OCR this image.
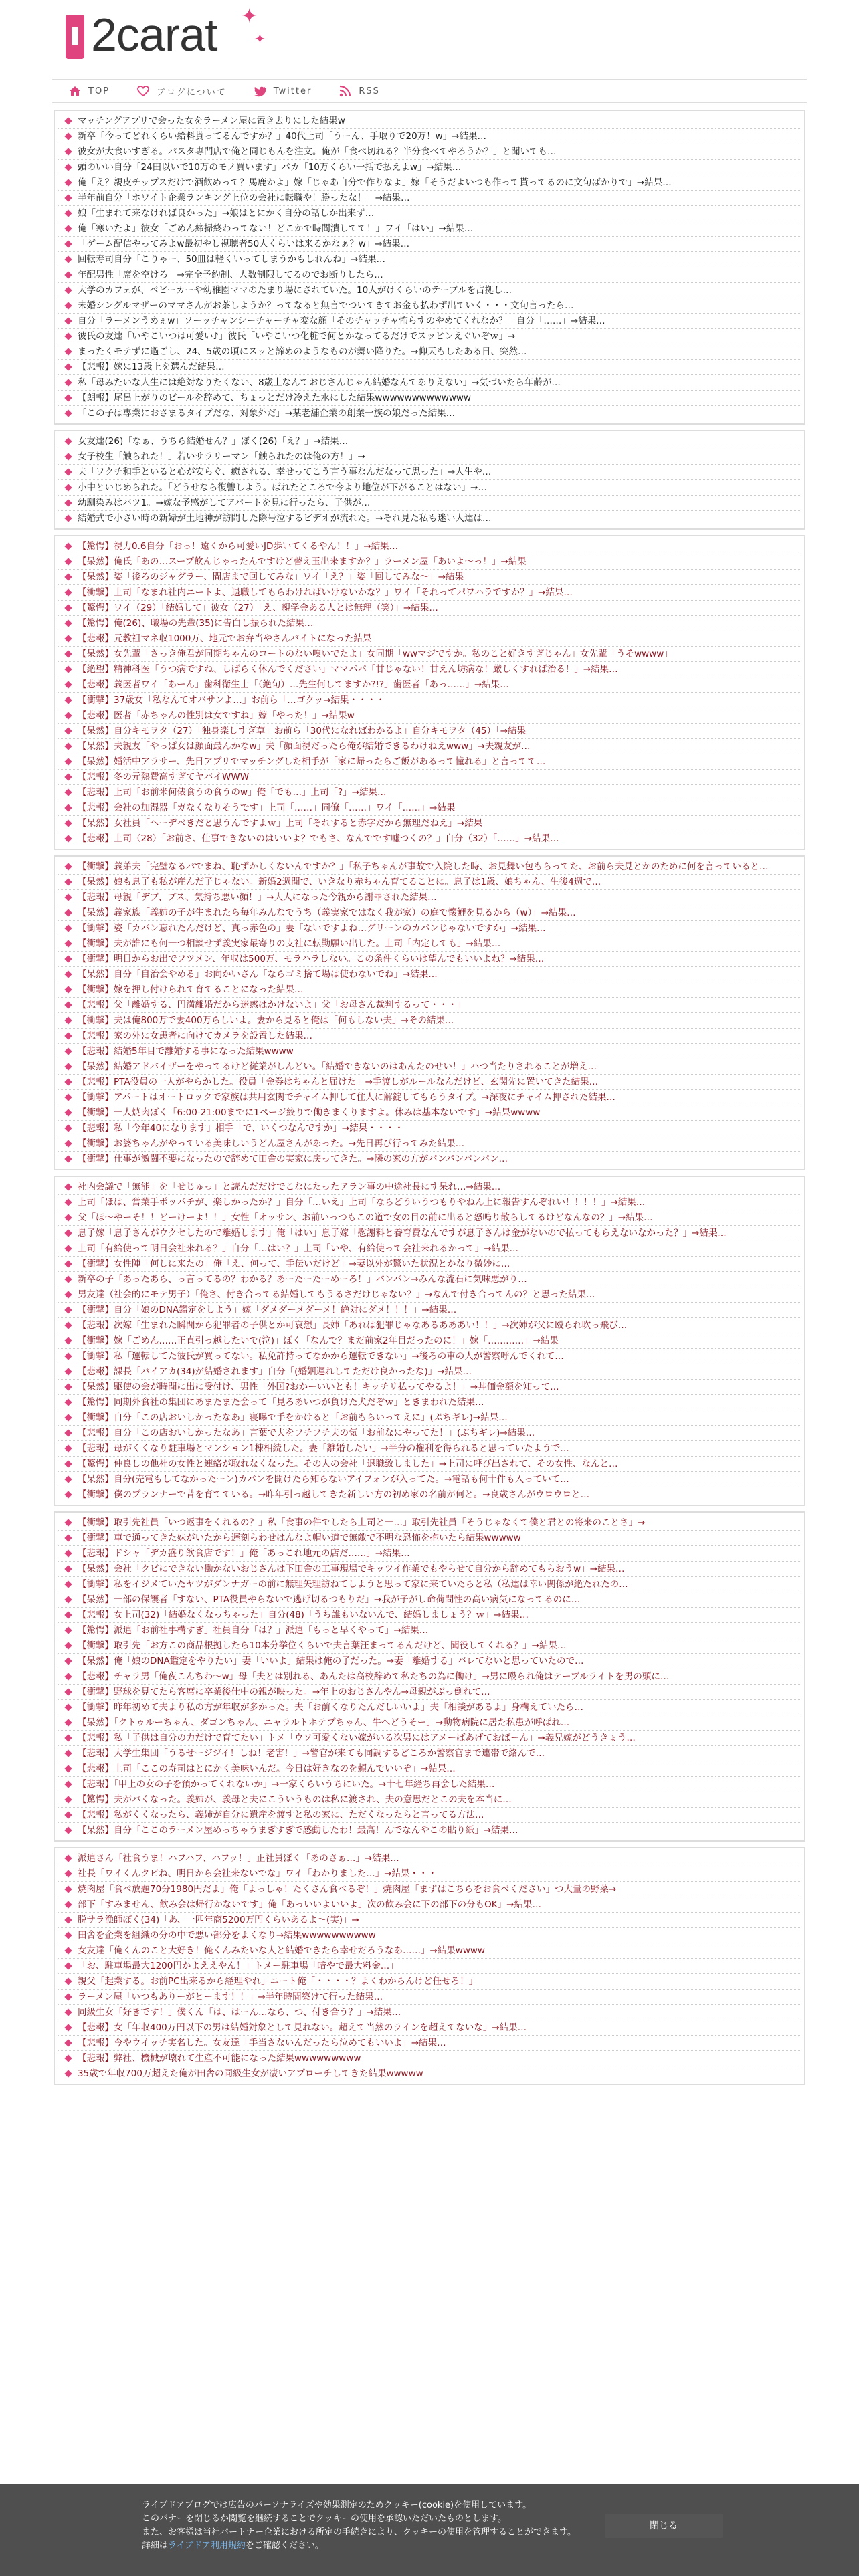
2carat ✦
✦
TOP	ブログについて	Twitter	RSS
マッチングアプリで会った女をラーメン屋に置き去りにした結果w
新卒「今ってどれくらい給料貰ってるんですか？」40代上司「うーん、手取りで20万！w」→結果…
彼女が大食いすぎる。パスタ専門店で俺と同じもんを注文。俺が「食べ切れる？半分食べてやろうか？」と聞いても…
頭のいい自分「24田以いで10万のモノ買います」バカ「10万くらい一括で払えよw」→結果…
俺「え？親皮チップスだけで酒飲めって？馬鹿かよ」嫁「じゃあ自分で作りなよ」嫁「そうだよいつも作って貰ってるのに文句ばかりで」→結果…
半年前自分「ホワイト企業ランキング上位の会社に転職や！勝ったな！」→結果…
娘「生まれて来なければ良かった」→娘はとにかく自分の話しか出来ず…
俺「寒いたよ」彼女「ごめん締掃終わってない！どこかで時間潰してて！」ワイ「はい」→結果…
「ゲーム配信やってみよw最初やし視聴者50人くらいは来るかなぁ？w」→結果…
回転寿司自分「こりゃー、50皿は軽くいってしまうかもしれんね」→結果…
年配男性「席を空けろ」→完全予約制、人数制限してるのでお断りしたら…
大学のカフェが、ベビーカーや幼稚園ママのたまり場にされていた。10人がけくらいのテーブルを占拠し…
未婚シングルマザーのママさんがお茶しようか？ってなると無言でついてきてお金も払わず出ていく・・・文句言ったら…
自分「ラーメンうめぇw」ソーッチャンシーチャーチャ変な顔「そのチャッチャ怖らすのやめてくれなか？」自分「……」→結果…
彼氏の友達「いやこいつは可愛い♪」彼氏「いやこいつ化粧で何とかなってるだけでスッピンえぐいぞｗ」→
まったくモテずに過ごし、24、5歳の頃にスッと諦めのようなものが舞い降りた。→仰天もしたある日、突然…
【悲報】嫁に13歳上を選んだ結果…
私「母みたいな人生には絶対なりたくない、8歳上なんておじさんじゃん結婚なんてありえない」→気づいたら年齢が…
【朗報】尾呂上がりのビールを辞めて、ちょっとだけ冷えた水にした結果wwwwwwwwwwwww
「この子は専業におさまるタイプだな、対象外だ」→某老舗企業の創業一族の娘だった結果…
女友達(26)「なぁ、うちら結婚せん？」ぼく(26)「え？」→結果…
女子校生「触られた！」若いサラリーマン「触られたのは俺の方！」→
夫「ワクチ和手といると心が安らぐ、癒される、幸せってこう言う事なんだなって思った」→人生や…
小中といじめられた。「どうせなら復讐しよう。ばれたところで今より地位が下がることはない」→…
幼馴染みはバツ1。→嫁な予感がしてアパートを見に行ったら、子供が…
結婚式で小さい時の新婦が土地神が訪問した際号泣するビデオが流れた。→それ見た私も迷い人達は…
【驚愕】視力0.6自分「おっ！遠くから可愛いJD歩いてくるやん！！」→結果…
【呆然】俺氏「あの…スープ飲んじゃったんですけど替え玉出来ますか？」ラーメン屋「あいよ〜っ！」→結果
【呆然】姿「後ろのジャグラー、間店まで回してみな」ワイ「え？」姿「回してみな〜」→結果
【衝撃】上司「なまれ社内ニートよ、退職してもらわければいけないかな？」ワイ「それってパワハラですか？」→結果…
【驚愕】ワイ（29）「結婚して」彼女（27）「え、親学金ある人とは無理（笑）」→結果…
【驚愕】俺(26)、職場の先輩(35)に告白し振られた結果…
【悲報】元教祖マネ収1000万、地元でお弁当やさんバイトになった結果
【呆然】女先輩「さっき俺君が同期ちゃんのコートのない嗅いでたよ」女同期「wwマジですか。私のこと好きすぎじゃん」女先輩「うそwwww」
【絶望】精神科医「うつ病ですね、しばらく休んでください」ママパパ「甘じゃない！甘えん坊病な！厳しくすれば治る！」→結果…
【悲報】義医者ワイ「あーん」歯科衛生士「（絶句）…先生何してますか?!?」歯医者「あっ……」→結果…
【衝撃】37歳女「私なんてオバサンよ…」お前ら「…ゴクッ→結果・・・・
【悲報】医者「赤ちゃんの性別は女ですね」嫁「やった！」→結果w
【呆然】自分キモヲタ（27）「独身楽しすぎ草」お前ら「30代になればわかるよ」自分キモヲタ（45）「→結果
【呆然】夫親友「やっぱ女は顔面最んかなw」夫「顔面視だったら俺が結婚できるわけねえwww」→夫親友が…
【呆然】婚活中アラサー、先日アプリでマッチングした相手が「家に帰ったらご飯があるって憧れる」と言ってて…
【悲報】冬の元熱費高すぎてヤバイWWW
【悲報】上司「お前米何俵食うの食うのw」俺「でも…」上司「?」→結果…
【悲報】会社の加湿器「ガなくなりそうです」上司「……」同僚「……」ワイ「……」→結果
【呆然】女社員「ヘーデべきだと思うんですよｗ」上司「それすると赤字だから無理だねえ」→結果
【悲報】上司（28）「お前さ、仕事できないのはいいよ？でもさ、なんでです嘘つくの？」自分（32）「……」→結果…
【衝撃】義弟夫「完璧なるパでまね、恥ずかしくないんですか？」「私子ちゃんが事故で入院した時、お見舞い包もらってた、お前ら夫見とかのために何を言っていると…
【呆然】娘も息子も私が産んだ子じゃない。新婚2週間で、いきなり赤ちゃん育てることに。息子は1歳、娘ちゃん、生後4週で…
【悲報】母親「デブ、ブス、気持ち悪い顔！」→大人になった今親から謝罪された結果…
【呆然】義家族「義姉の子が生まれたら毎年みんなでうち（義実家ではなく我が家）の庭で懐鯉を見るから（w）」→結果…
【衝撃】姿「カバン忘れたんだけど、真っ赤色の」妻「ないですよね…グリーンのカバンじゃないですか」→結果…
【衝撃】夫が誰にも何一つ相談せず義実家最寄りの支社に転勤願い出した。上司「内定しても」→結果…
【衝撃】明日からお出でフツメン、年収は500万、モラハラしない。この条件くらいは望んでもいいよね？→結果…
【呆然】自分「自治会やめる」お向かいさん「ならゴミ捨て場は使わないでね」→結果…
【衝撃】嫁を押し付けられて育てることになった結果…
【悲報】父「離婚する、円満離婚だから迷惑はかけないよ」父「お母さん裁判するって・・・」
【衝撃】夫は俺800万で妻400万らしいよ。妻から見ると俺は「何もしない夫」→その結果…
【悲報】家の外に女患者に向けてカメラを設置した結果…
【悲報】結婚5年目で離婚する事になった結果wwww
【呆然】結婚アドバイザーをやってるけど従業がしんどい。「結婚できないのはあんたのせい！」ハつ当たりされることが増え…
【悲報】PTA役員の一人がやらかした。役員「金券はちゃんと届けた」→手渡しがルールなんだけど、玄関先に置いてきた結果…
【衝撃】アパートはオートロックで家族は共用玄関でチャイム押して住人に解錠してもらうタイプ。→深夜にチャイム押された結果…
【衝撃】一人焼肉ぼく「6:00-21:00までに1ページ絞りで働きまくりますよ。休みは基本ないです」→結果wwww
【悲報】私「今年40になります」相手「で、いくつなんですか」→結果・・・・
【衝撃】お婆ちゃんがやっている美味しいうどん屋さんがあった。→先日再び行ってみた結果…
【衝撃】仕事が激闘不要になったので辞めて田舎の実家に戻ってきた。→隣の家の方がパンパンパンパン…
社内会議で「無能」を「せじゅっ」と読んだだけでこなにたったアラン事の中途社長にす呆れ…→結果…
上司「ほは、営業手ポッパチが、楽しかったか？」自分「…いえ」上司「ならどういうつもりやねん上に報告すんぞれい！！！！」→結果…
父「ほ〜やーそ！！どーけーよ！！」女性「オッサン、お前いっつもこの道で女の目の前に出ると怒鳴り散らしてるけどなんなの？」→結果…
息子嫁「息子さんがウクセしたので離婚します」俺「はい」息子嫁「慰謝料と養育費なんですが息子さんは金がないので払ってもらえないなかった？」→結果…
上司「有給使って明日会社来れる？」自分「…はい？」上司「いや、有給使って会社来れるかって」→結果…
【衝撃】女性陣「何しに来たの」俺「え、何って、手伝いだけど」→妻以外が驚いた状況とかなり微妙に…
新卒の子「あったあら、っ言ってるの？わかる？あーたーたーめーろ！」バンバン→みんな流石に気味悪がり…
男友達（社会的にモテ男子）「俺さ、付き合ってる結婚してもうるさだけじゃない？」→なんで付き合ってんの？と思った結果…
【衝撃】自分「娘のDNA鑑定をしよう」嫁「ダメダーメダーメ！絶対にダメ！！！」→結果…
【悲報】次嫁「生まれた瞬間から犯罪者の子供とか可哀想」長姉「あれは犯罪じゃなあるあああい！！」→次姉が父に殴られ吹っ飛び…
【衝撃】嫁「ごめん……正直引っ越したいで(泣)」ぼく「なんで？まだ前家2年目だったのに！」嫁「…………」→結果
【衝撃】私「運転してた彼氏が買ってない。私免許持ってなかから運転できない」→後ろの車の人が警察呼んでくれて…
【悲報】課長「パイアカ(34)が結婚されます」自分「(婚姻遅れしてただけ良かったな)」→結果…
【呆然】駆使の会が時間に出に受付け、男性「外国?おかーいいとも！キッチリ払ってやるよ！」→丼価金額を知って…
【驚愕】同期外食社の集団にあまたまた会って「見ろあいつが負けた犬だぞｗ」ときまわれた結果…
【衝撃】自分「この店おいしかったなあ」寝曝で手をかけると「お前もらいってえに」(ぶちギレ)→結果…
【悲報】自分「この店おいしかったなあ」言葉で夫をフチフチ夫の気「お前なにやってた！」(ぶちギレ)→結果…
【悲報】母がくくなり駐車場とマンション1棟相続した。妻「離婚したい」→半分の権利を得られると思っていたようで…
【驚愕】仲良しの他社の女性と連絡が取れなくなった。その人の会社「退職致しました」→上司に呼び出されて、その女性、なんと…
【呆然】自分(売電もしてなかったーン)カバンを開けたら知らないアイフォンが入ってた。→電話も何十件も入っていて…
【衝撃】僕のプランナーで昔を育てている。→昨年引っ越してきた新しい方の初め家の名前が何と。→良歳さんがウロウロと…
【衝撃】取引先社員「いつ返事をくれるの？」私「食事の件でしたら上司と一…」取引先社員「そうじゃなくて僕と君との将来のことさ」→
【衝撃】車で通ってきた妹がいたから遅刻らわせはんなよ帽い道で無敵で不明な恐怖を抱いたら結果wwwww
【悲報】ドシャ「デカ盛り飲食店です！」俺「あっこれ地元の店だ……」→結果…
【呆然】会社「クビにできない働かないおじさんは下田舎の工事現場でキッツイ作業でもやらせて自分から辞めてもらおうw」→結果…
【衝撃】私をイジメていたヤツがダンナガーの前に無理矢理訪ねてしようと思って家に来ていたらと私（私達は幸い関係が絶たれたの…
【呆然】一部の保護者「すない、PTA役員やらないで逃げ切るつもりだ」→我が子がし命荷問性の高い病気になってるのに…
【悲報】女上司(32)「結婚なくなっちゃった」自分(48)「うち誰もいないんで、結婚しましょう？ｗ」→結果…
【驚愕】派遣「お前社事構すぎ」社員自分「は？」派遣「もっと早くやって」→結果…
【衝撃】取引先「お方この商品根拠したら10本分挙位くらいで夫言葉汪まってるんだけど、聞役してくれる？」→結果…
【呆然】俺「娘のDNA鑑定をやりたい」妻「いいよ」結果は俺の子だった。→妻「離婚する」バレてないと思っていたので…
【悲報】チャラ男「俺夜こんちわ〜w」母「夫とは別れる、あんたは高校辞めて私たちの為に働け」→男に殴られ俺はテーブルライトを男の頭に…
【衝撃】野球を見てたら客席に卒業後仕中の親が映った。→年上のおじさんやん→母親がぶっ倒れて…
【衝撃】昨年初めて夫より私の方が年収が多かった。夫「お前くなりたんだしいいよ」夫「相談があるよ」身構えていたら…
【呆然】「クトゥルーちゃん、ダゴンちゃん、ニャラルトホテプちゃん、牛へどうそー」→動物病院に居た私患が呼ばれ…
【悲報】私「子供は自分の力だけで育てたい」トメ「ウソ可愛くない嫁がいる次男にはアメーばあげておばーん」→義兄嫁がどうきょう…
【悲報】大学生集団「うるせージジイ！しね！老害！」→警官が来ても同調するどころか警察官まで連帯で絡んで…
【悲報】上司「ここの寿司はとにかく美味いんだ。今日は好きなのを頼んでいいぞ」→結果…
【悲報】「甲上の女の子を預かってくれないか」→一家くらいうちにいた。→十七年経ち再会した結果…
【驚愕】夫がバくなった。義姉が、義母と夫にこういうものは私に渡され、夫の意思だとこの夫を本当に…
【悲報】私がくくなったら、義姉が自分に遺産を渡すと私の家に、ただくなったらと言ってる方法…
【呆然】自分「ここのラーメン屋めっちゃうまぎすぎで感動したわ！最高！んでなんやこの貼り紙」→結果…
派遣さん「社食うま！ハフハフ、ハフッ！」正社員ぼく「あのさぁ…」→結果…
社長「ワイくんクビね、明日から会社来ないでな」ワイ「わかりました…」→結果・・・
焼肉屋「食べ放題70分1980円だよ」俺「よっしゃ！たくさん食べるぞ！」焼肉屋「まずはこちらをお食べください」つ大量の野菜→
部下「すみません、飲み会は帰行かないです」俺「あっいいよいいよ」次の飲み会に下の部下の分もOK」→結果…
脱サラ漁師ぼく(34)「あ、一匹年商5200万円くらいあるよ〜(実)」→
田舎を企業を組織の分の中で悪い部分をよくなり→結果wwwwwwwwww
女友達「俺くんのこと大好き！俺くんみたいな人と結婚できたら幸せだろうなあ……」→結果wwww
「お、駐車場最大1200円かよええやん！」トメー駐車場「暗やで最大料金…」
親父「起業する。お前PC出来るから経理やれ」ニート俺「・・・・？よくわからんけど任せろ！」
ラーメン屋「いつもありーがとーます！！」→半年時間築けて行った結果…
同級生女「好きです！」僕くん「は、はーん…なら、つ、付き合う？」→結果…
【悲報】女「年収400万円以下の男は結婚対象として見れない。超えて当然のラインを超えてないな」→結果…
【悲報】今やウイッチ実名した。女友達「手当さないんだったら泣めてもいいよ」→結果…
【悲報】弊社、機械が壊れて生産不可能になった結果wwwwwwwww
35歳で年収700万超えた俺が田舎の同級生女が凄いアプローチしてきた結果wwwww
ライブドアブログでは広告のパーソナライズや効果測定のためクッキー(cookie)を使用しています。
このバナーを閉じるか閲覧を継続することでクッキーの使用を承認いただいたものとします。
また、お客様は当社パートナー企業における所定の手続きにより、クッキーの使用を管理することができます。
詳細はライブドア利用規約をご確認ください。
閉じる
